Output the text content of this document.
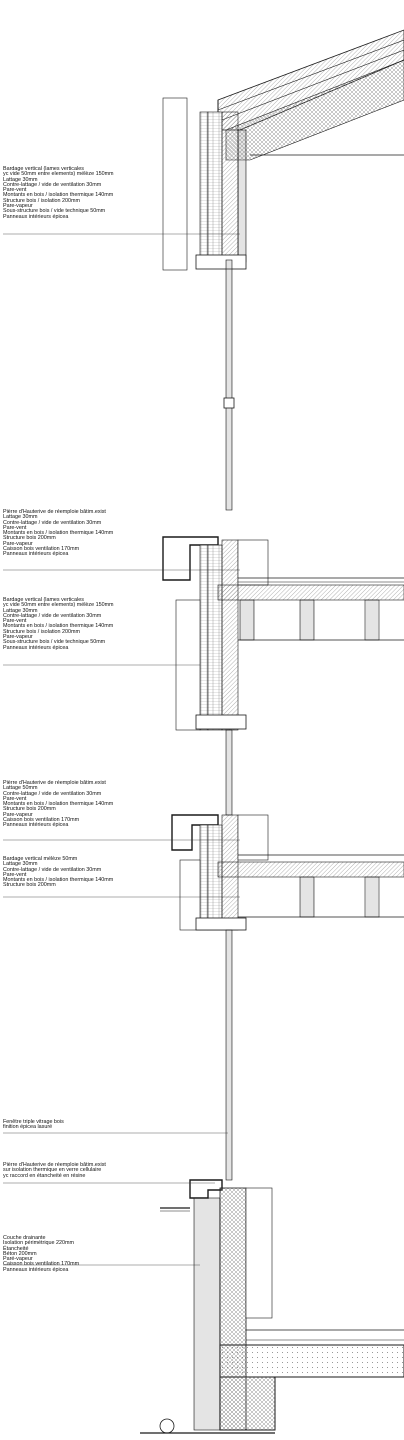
Bardage vertical (lames verticales
yc vide 50mm entre elements) mélèze 150mm
Lattage 30mm
Contre-lattage / vide de ventilation 30mm
Pare-vent
Montants en bois / isolation thermique 140mm
Structure bois / isolation 200mm
Pare-vapeur
Sous-structure bois / vide technique 50mm
Panneaux intérieurs épicea
Pièrre d'Hauterive de réemploie bâtim.exist
Lattage 30mm
Contre-lattage / vide de ventilation 30mm
Pare-vent
Montants en bois / isolation thermique 140mm
Structure bois 200mm
Pare-vapeur
Caisson bois ventilation 170mm
Panneaux intérieurs épicea
Bardage vertical (lames verticales
yc vide 50mm entre elements) mélèze 150mm
Lattage 30mm
Contre-lattage / vide de ventilation 30mm
Pare-vent
Montants en bois / isolation thermique 140mm
Structure bois / isolation 200mm
Pare-vapeur
Sous-structure bois / vide technique 50mm
Panneaux intérieurs épicea
Pièrre d'Hauterive de réemploie bâtim.exist
Lattage 50mm
Contre-lattage / vide de ventilation 30mm
Pare-vent
Montants en bois / isolation thermique 140mm
Structure bois 200mm
Pare-vapeur
Caisson bois ventilation 170mm
Panneaux intérieurs épicea
Bardage vertical mélèze 50mm
Lattage 30mm
Contre-lattage / vide de ventilation 30mm
Pare-vent
Montants en bois / isolation thermique 140mm
Structure bois 200mm
Fenêtre triple vitrage bois
finition épicea lasuré
Pièrre d'Hauterive de réemploie bâtim.exist
sur isolation thermique en verre cellulaire
yc raccord en étancheité en résine
Couche drainante
Isolation périmétrique 220mm
Étancheité
Béton 200mm
Paré-vapeur
Caisson bois ventilation 170mm
Panneaux intérieurs épicea
